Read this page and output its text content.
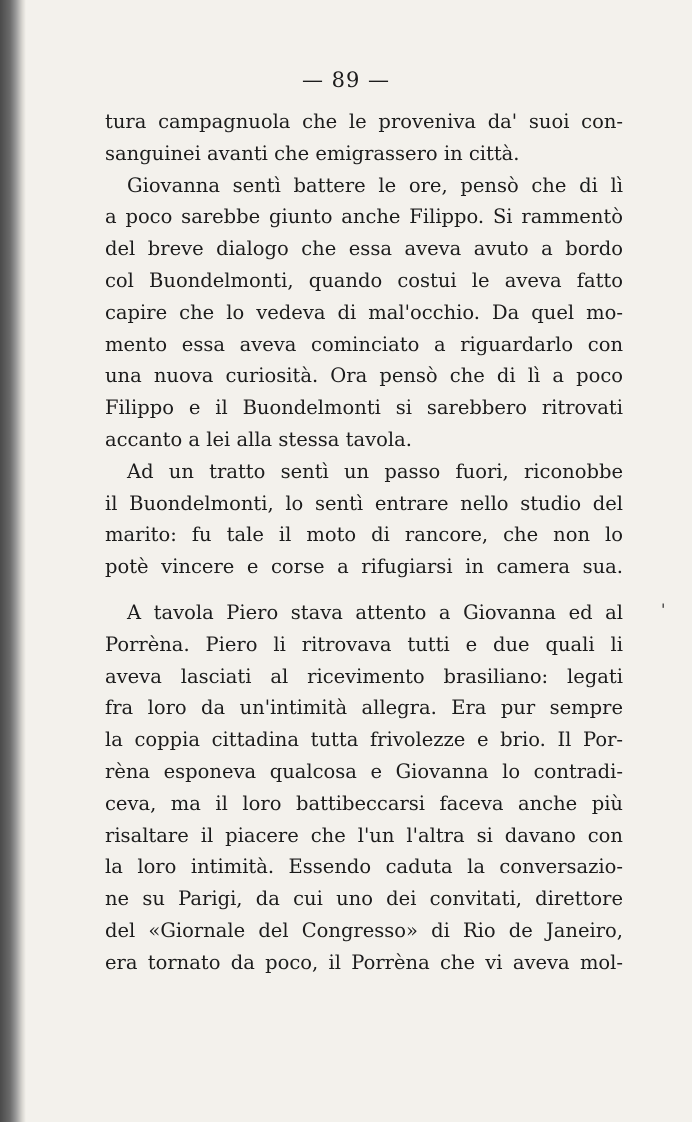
— 89 —
tura campagnuola che le proveniva da' suoi con-
sanguinei avanti che emigrassero in città.
Giovanna sentì battere le ore, pensò che di lì
a poco sarebbe giunto anche Filippo. Si rammentò
del breve dialogo che essa aveva avuto a bordo
col Buondelmonti, quando costui le aveva fatto
capire che lo vedeva di mal'occhio. Da quel mo-
mento essa aveva cominciato a riguardarlo con
una nuova curiosità. Ora pensò che di lì a poco
Filippo e il Buondelmonti si sarebbero ritrovati
accanto a lei alla stessa tavola.
Ad un tratto sentì un passo fuori, riconobbe
il Buondelmonti, lo sentì entrare nello studio del
marito: fu tale il moto di rancore, che non lo
potè vincere e corse a rifugiarsi in camera sua.
'
A tavola Piero stava attento a Giovanna ed al
Porrèna. Piero li ritrovava tutti e due quali li
aveva lasciati al ricevimento brasiliano: legati
fra loro da un'intimità allegra. Era pur sempre
la coppia cittadina tutta frivolezze e brio. Il Por-
rèna esponeva qualcosa e Giovanna lo contradi-
ceva, ma il loro battibeccarsi faceva anche più
risaltare il piacere che l'un l'altra si davano con
la loro intimità. Essendo caduta la conversazio-
ne su Parigi, da cui uno dei convitati, direttore
del «Giornale del Congresso» di Rio de Janeiro,
era tornato da poco, il Porrèna che vi aveva mol-
